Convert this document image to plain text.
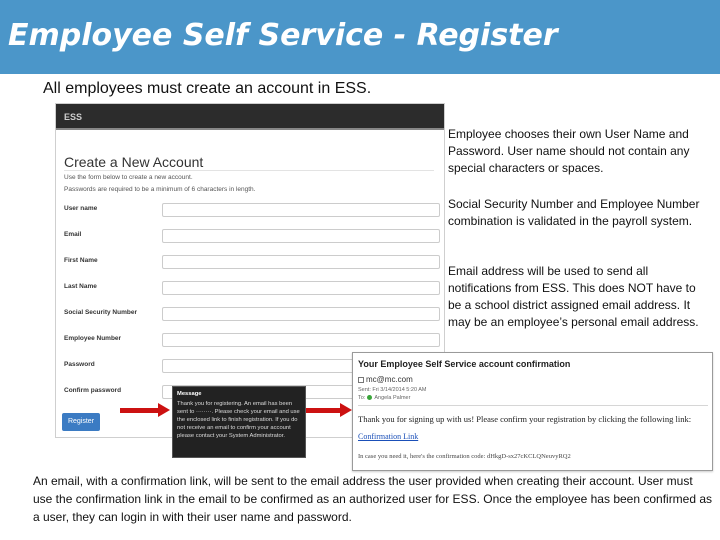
Employee Self Service - Register
All employees must create an account in ESS.
ESS
Create a New Account
Use the form below to create a new account.
Passwords are required to be a minimum of 6 characters in length.
User name
Email
First Name
Last Name
Social Security Number
Employee Number
Password
Confirm password
Register
Message
Thank you for registering. An email has been sent to ········. Please check your email and use the enclosed link to finish registration. If you do not receive an email to confirm your account please contact your System Administrator.
Employee chooses their own User Name and Password. User name should not contain any special characters or spaces.
Social Security Number and Employee Number combination is validated in the payroll system.
Email address will be used to send all notifications from ESS. This does NOT have to be a school district assigned email address. It may be an employee’s personal email address.
Your Employee Self Service account confirmation
mc@mc.com
Sent: Fri 3/14/2014 5:20 AM
To: Angela Palmer
Thank you for signing up with us! Please confirm your registration by clicking the following link:
Confirmation Link
In case you need it, here's the confirmation code: dHkgD-sx27cKCLQNeuvyRQ2
An email, with a confirmation link, will be sent to the email address the user provided when creating their account. User must use the confirmation link in the email to be confirmed as an authorized user for ESS. Once the employee has been confirmed as a user, they can login in with their user name and password.
